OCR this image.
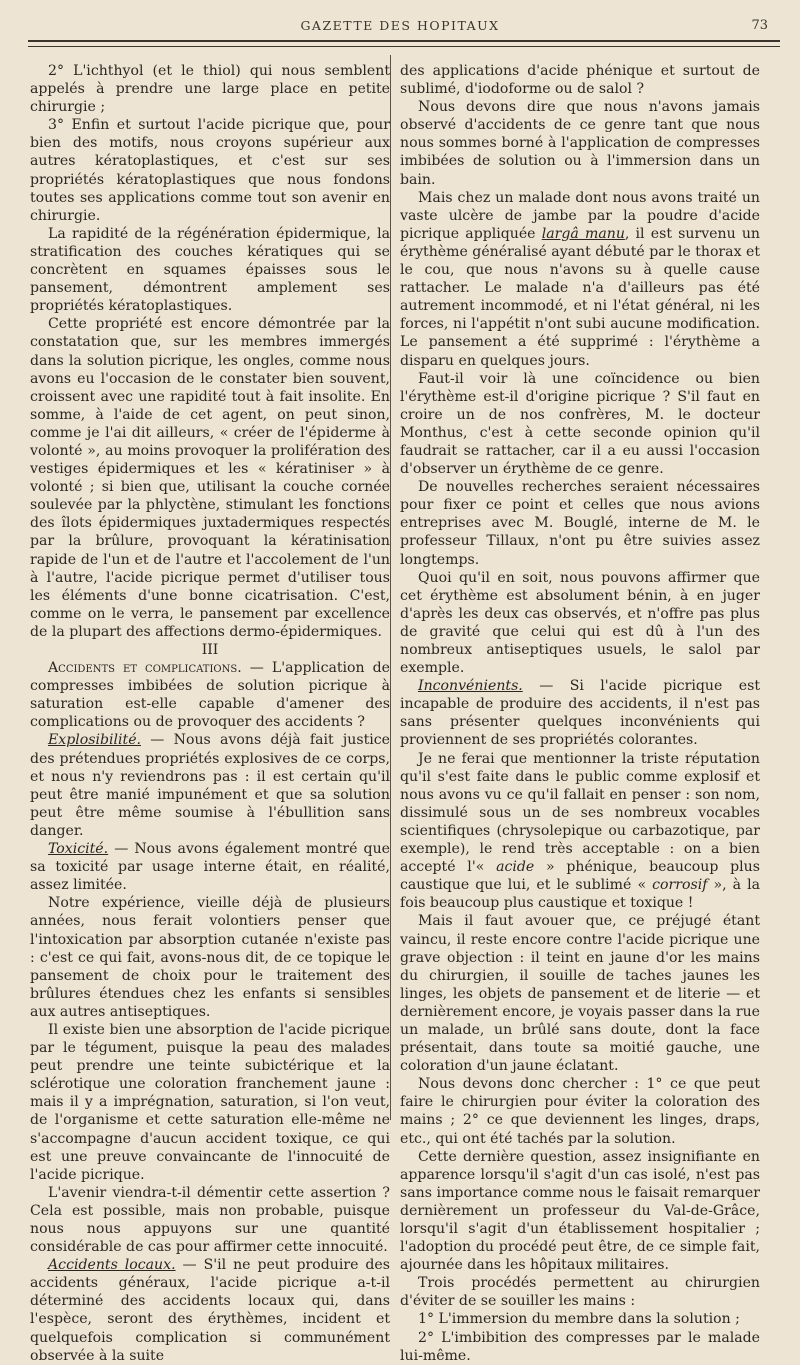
GAZETTE DES HOPITAUX	73

2° L'ichthyol (et le thiol) qui nous semblent appelés à prendre une large place en petite chirurgie ;

3° Enfin et surtout l'acide picrique que, pour bien des motifs, nous croyons supérieur aux autres kératoplastiques, et c'est sur ses propriétés kératoplastiques que nous fondons toutes ses applications comme tout son avenir en chirurgie.

La rapidité de la régénération épidermique, la stratification des couches kératiques qui se concrètent en squames épaisses sous le pansement, démontrent amplement ses propriétés kératoplastiques.

Cette propriété est encore démontrée par la constatation que, sur les membres immergés dans la solution picrique, les ongles, comme nous avons eu l'occasion de le constater bien souvent, croissent avec une rapidité tout à fait insolite. En somme, à l'aide de cet agent, on peut sinon, comme je l'ai dit ailleurs, « créer de l'épiderme à volonté », au moins provoquer la prolifération des vestiges épidermiques et les « kératiniser » à volonté ; si bien que, utilisant la couche cornée soulevée par la phlyctène, stimulant les fonctions des îlots épidermiques juxtadermiques respectés par la brûlure, provoquant la kératinisation rapide de l'un et de l'autre et l'accolement de l'un à l'autre, l'acide picrique permet d'utiliser tous les éléments d'une bonne cicatrisation. C'est, comme on le verra, le pansement par excellence de la plupart des affections dermo-épidermiques.

III

Accidents et complications. — L'application de compresses imbibées de solution picrique à saturation est-elle capable d'amener des complications ou de provoquer des accidents ?

Explosibilité. — Nous avons déjà fait justice des prétendues propriétés explosives de ce corps, et nous n'y reviendrons pas : il est certain qu'il peut être manié impunément et que sa solution peut être même soumise à l'ébullition sans danger.

Toxicité. — Nous avons également montré que sa toxicité par usage interne était, en réalité, assez limitée.

Notre expérience, vieille déjà de plusieurs années, nous ferait volontiers penser que l'intoxication par absorption cutanée n'existe pas : c'est ce qui fait, avons-nous dit, de ce topique le pansement de choix pour le traitement des brûlures étendues chez les enfants si sensibles aux autres antiseptiques.

Il existe bien une absorption de l'acide picrique par le tégument, puisque la peau des malades peut prendre une teinte subictérique et la sclérotique une coloration franchement jaune : mais il y a imprégnation, saturation, si l'on veut, de l'organisme et cette saturation elle-même ne s'accompagne d'aucun accident toxique, ce qui est une preuve convaincante de l'innocuité de l'acide picrique.

L'avenir viendra-t-il démentir cette assertion ? Cela est possible, mais non probable, puisque nous nous appuyons sur une quantité considérable de cas pour affirmer cette innocuité.

Accidents locaux. — S'il ne peut produire des accidents généraux, l'acide picrique a-t-il déterminé des accidents locaux qui, dans l'espèce, seront des érythèmes, incident et quelquefois complication si communément observée à la suite

des applications d'acide phénique et surtout de sublimé, d'iodoforme ou de salol ?

Nous devons dire que nous n'avons jamais observé d'accidents de ce genre tant que nous nous sommes borné à l'application de compresses imbibées de solution ou à l'immersion dans un bain.

Mais chez un malade dont nous avons traité un vaste ulcère de jambe par la poudre d'acide picrique appliquée largâ manu, il est survenu un érythème généralisé ayant débuté par le thorax et le cou, que nous n'avons su à quelle cause rattacher. Le malade n'a d'ailleurs pas été autrement incommodé, et ni l'état général, ni les forces, ni l'appétit n'ont subi aucune modification. Le pansement a été supprimé : l'érythème a disparu en quelques jours.

Faut-il voir là une coïncidence ou bien l'érythème est-il d'origine picrique ? S'il faut en croire un de nos confrères, M. le docteur Monthus, c'est à cette seconde opinion qu'il faudrait se rattacher, car il a eu aussi l'occasion d'observer un érythème de ce genre.

De nouvelles recherches seraient nécessaires pour fixer ce point et celles que nous avions entreprises avec M. Bouglé, interne de M. le professeur Tillaux, n'ont pu être suivies assez longtemps.

Quoi qu'il en soit, nous pouvons affirmer que cet érythème est absolument bénin, à en juger d'après les deux cas observés, et n'offre pas plus de gravité que celui qui est dû à l'un des nombreux antiseptiques usuels, le salol par exemple.

Inconvénients. — Si l'acide picrique est incapable de produire des accidents, il n'est pas sans présenter quelques inconvénients qui proviennent de ses propriétés colorantes.

Je ne ferai que mentionner la triste réputation qu'il s'est faite dans le public comme explosif et nous avons vu ce qu'il fallait en penser : son nom, dissimulé sous un de ses nombreux vocables scientifiques (chrysolepique ou carbazotique, par exemple), le rend très acceptable : on a bien accepté l'« acide » phénique, beaucoup plus caustique que lui, et le sublimé « corrosif », à la fois beaucoup plus caustique et toxique !

Mais il faut avouer que, ce préjugé étant vaincu, il reste encore contre l'acide picrique une grave objection : il teint en jaune d'or les mains du chirurgien, il souille de taches jaunes les linges, les objets de pansement et de literie — et dernièrement encore, je voyais passer dans la rue un malade, un brûlé sans doute, dont la face présentait, dans toute sa moitié gauche, une coloration d'un jaune éclatant.

Nous devons donc chercher : 1° ce que peut faire le chirurgien pour éviter la coloration des mains ; 2° ce que deviennent les linges, draps, etc., qui ont été tachés par la solution.

Cette dernière question, assez insignifiante en apparence lorsqu'il s'agit d'un cas isolé, n'est pas sans importance comme nous le faisait remarquer dernièrement un professeur du Val-de-Grâce, lorsqu'il s'agit d'un établissement hospitalier ; l'adoption du procédé peut être, de ce simple fait, ajournée dans les hôpitaux militaires.

Trois procédés permettent au chirurgien d'éviter de se souiller les mains :

1° L'immersion du membre dans la solution ;

2° L'imbibition des compresses par le malade lui-même.
